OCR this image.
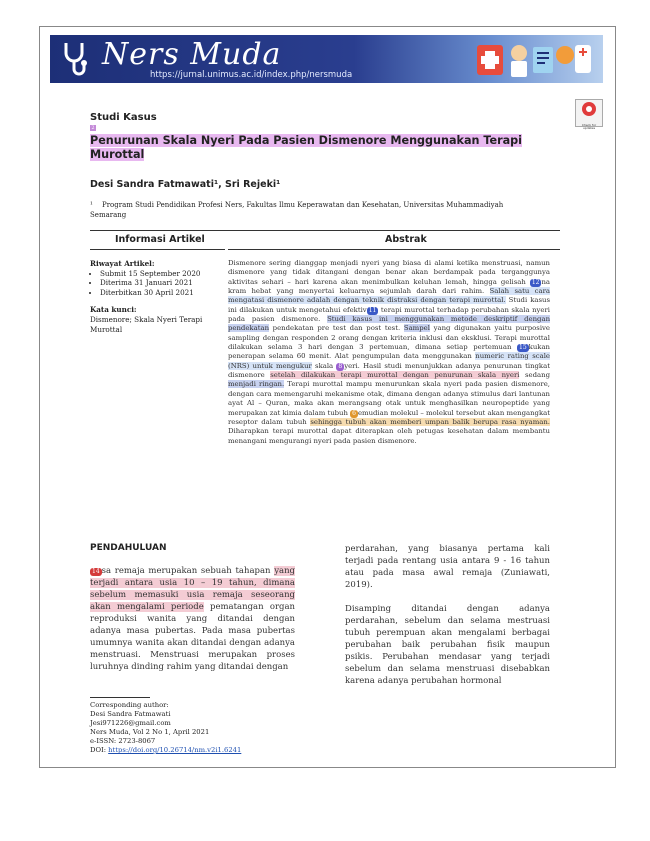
Ners Muda
https://jurnal.unimus.ac.id/index.php/nersmuda
Studi Kasus
Check for updates
2
Penurunan Skala Nyeri Pada Pasien Dismenore Menggunakan Terapi Murottal
Desi Sandra Fatmawati¹, Sri Rejeki¹
¹ Program Studi Pendidikan Profesi Ners, Fakultas Ilmu Keperawatan dan Kesehatan, Universitas Muhammadiyah Semarang
Informasi Artikel	Abstrak
Riwayat Artikel:
• Submit 15 September 2020
• Diterima 31 Januari 2021
• Diterbitkan 30 April 2021
Kata kunci:
Dismenore; Skala Nyeri Terapi Murottal
Dismenore sering dianggap menjadi nyeri yang biasa di alami ketika menstruasi, namun dismenore yang tidak ditangani dengan benar akan berdampak pada terganggunya aktivitas sehari – hari karena akan menimbulkan keluhan lemah, hingga gelisah 12 na kram hebat yang menyertai keluarnya sejumlah darah dari rahim. Salah satu cara mengatasi dismenore adalah dengan teknik distraksi dengan terapi murottal. Studi kasus ini dilakukan untuk mengetahui efektiv 11 terapi murottal terhadap perubahan skala nyeri pada pasien dismenore. Studi kasus ini menggunakan metode deskriptif dengan pendekatan pendekatan pre test dan post test. Sampel yang digunakan yaitu purposive sampling dengan responden 2 orang dengan kriteria inklusi dan eksklusi. Terapi murottal dilakukan selama 3 hari dengan 3 pertemuan, dimana setiap pertemuan 15 kukan penerapan selama 60 menit. Alat pengumpulan data menggunakan numeric rating scale (NRS) untuk mengukur skala 8 yeri. Hasil studi menunjukkan adanya penurunan tingkat dismenore setelah dilakukan terapi murottal dengan penurunan skala nyeri sedang menjadi ringan. Terapi murottal mampu menurunkan skala nyeri pada pasien dismenore, dengan cara memengaruhi mekanisme otak, dimana dengan adanya stimulus dari lantunan ayat Al – Quran, maka akan merangsang otak untuk menghasilkan neuropeptide yang merupakan zat kimia dalam tubuh 6 emudian molekul – molekul tersebut akan mengangkat reseptor dalam tubuh sehingga tubuh akan memberi umpan balik berupa rasa nyaman. Diharapkan terapi murottal dapat diterapkan oleh petugas kesehatan dalam membantu menangani mengurangi nyeri pada pasien dismenore.
PENDAHULUAN
14 sa remaja merupakan sebuah tahapan yang terjadi antara usia 10 – 19 tahun, dimana sebelum memasuki usia remaja seseorang akan mengalami periode pematangan organ reproduksi wanita yang ditandai dengan adanya masa pubertas. Pada masa pubertas umumnya wanita akan ditandai dengan adanya menstruasi. Menstruasi merupakan proses luruhnya dinding rahim yang ditandai dengan
perdarahan, yang biasanya pertama kali terjadi pada rentang usia antara 9 - 16 tahun atau pada masa awal remaja (Zuniawati, 2019).
Disamping ditandai dengan adanya perdarahan, sebelum dan selama mestruasi tubuh perempuan akan mengalami berbagai perubahan baik perubahan fisik maupun psikis. Perubahan mendasar yang terjadi sebelum dan selama menstruasi disebabkan karena adanya perubahan hormonal
Corresponding author:
Desi Sandra Fatmawati
Jesi971226@gmail.com
Ners Muda, Vol 2 No 1, April 2021
e-ISSN: 2723-8067
DOI: https://doi.org/10.26714/nm.v2i1.6241
